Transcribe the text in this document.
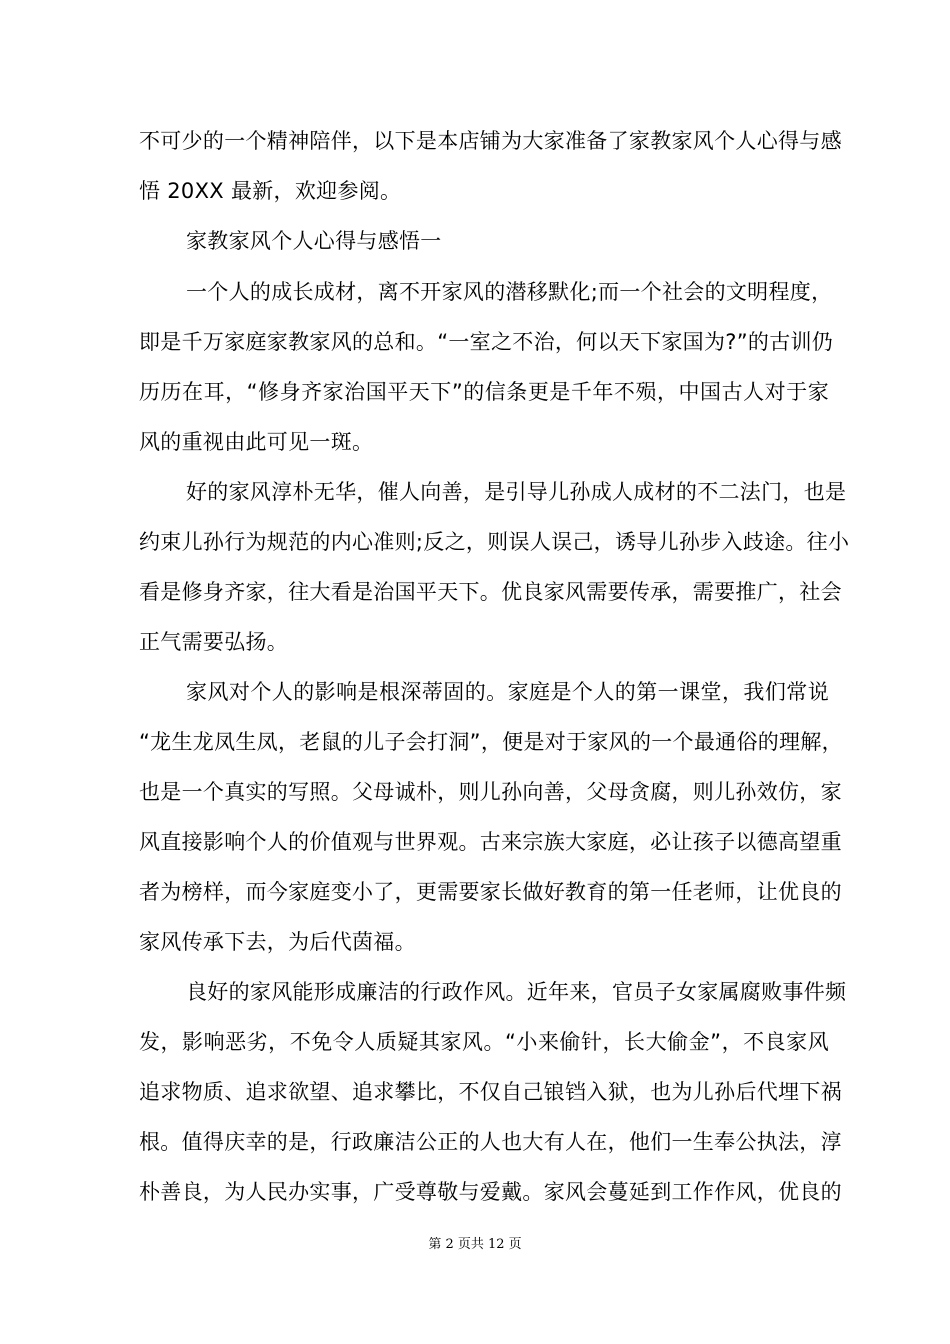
不可少的一个精神陪伴，以下是本店铺为大家准备了家教家风个人心得与感
悟 20XX 最新，欢迎参阅。
家教家风个人心得与感悟一
一个人的成长成材，离不开家风的潜移默化;而一个社会的文明程度，
即是千万家庭家教家风的总和。“一室之不治，何以天下家国为?”的古训仍
历历在耳，“修身齐家治国平天下”的信条更是千年不殒，中国古人对于家
风的重视由此可见一斑。
好的家风淳朴无华，催人向善，是引导儿孙成人成材的不二法门，也是
约束儿孙行为规范的内心准则;反之，则误人误己，诱导儿孙步入歧途。往小
看是修身齐家，往大看是治国平天下。优良家风需要传承，需要推广，社会
正气需要弘扬。
家风对个人的影响是根深蒂固的。家庭是个人的第一课堂，我们常说
“龙生龙凤生凤，老鼠的儿子会打洞”，便是对于家风的一个最通俗的理解，
也是一个真实的写照。父母诚朴，则儿孙向善，父母贪腐，则儿孙效仿，家
风直接影响个人的价值观与世界观。古来宗族大家庭，必让孩子以德高望重
者为榜样，而今家庭变小了，更需要家长做好教育的第一任老师，让优良的
家风传承下去，为后代茵福。
良好的家风能形成廉洁的行政作风。近年来，官员子女家属腐败事件频
发，影响恶劣，不免令人质疑其家风。“小来偷针，长大偷金”，不良家风
追求物质、追求欲望、追求攀比，不仅自己锒铛入狱，也为儿孙后代埋下祸
根。值得庆幸的是，行政廉洁公正的人也大有人在，他们一生奉公执法，淳
朴善良，为人民办实事，广受尊敬与爱戴。家风会蔓延到工作作风，优良的
第 2 页共 12 页
